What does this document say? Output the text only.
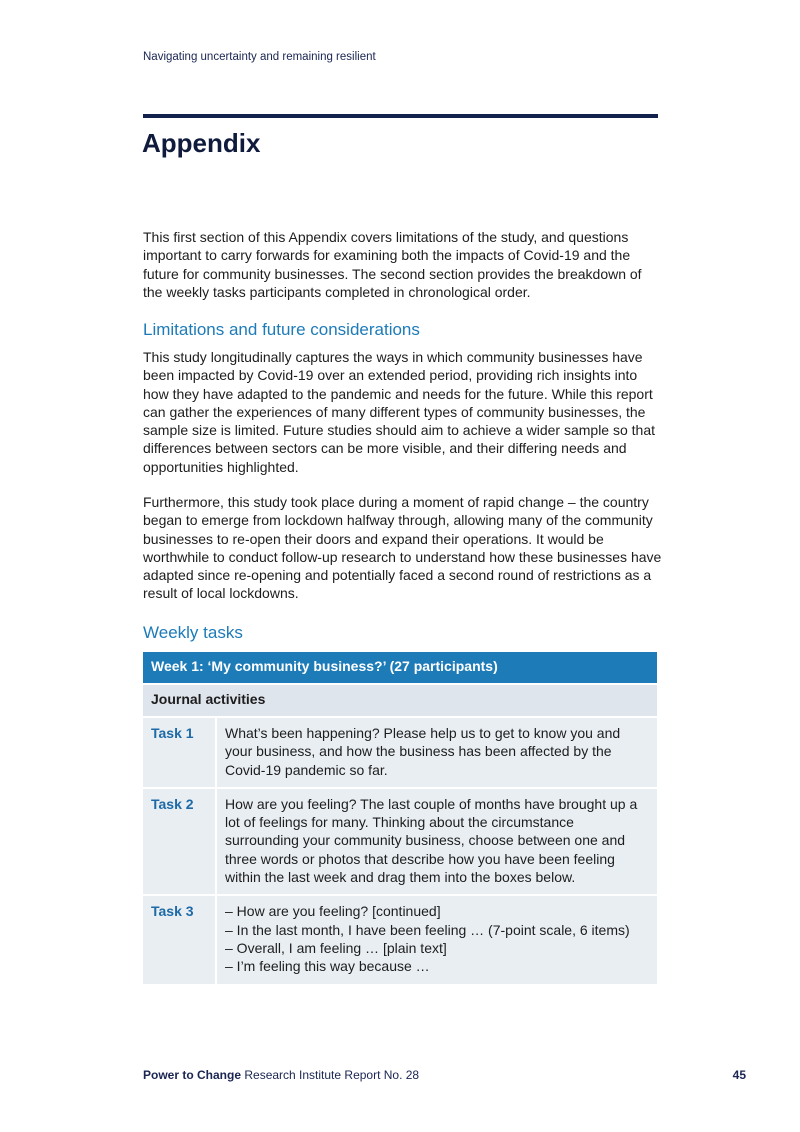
Navigating uncertainty and remaining resilient
Appendix

This first section of this Appendix covers limitations of the study, and questions important to carry forwards for examining both the impacts of Covid-19 and the future for community businesses. The second section provides the breakdown of the weekly tasks participants completed in chronological order.

Limitations and future considerations

This study longitudinally captures the ways in which community businesses have been impacted by Covid-19 over an extended period, providing rich insights into how they have adapted to the pandemic and needs for the future. While this report can gather the experiences of many different types of community businesses, the sample size is limited. Future studies should aim to achieve a wider sample so that differences between sectors can be more visible, and their differing needs and opportunities highlighted.

Furthermore, this study took place during a moment of rapid change – the country began to emerge from lockdown halfway through, allowing many of the community businesses to re-open their doors and expand their operations. It would be worthwhile to conduct follow-up research to understand how these businesses have adapted since re-opening and potentially faced a second round of restrictions as a result of local lockdowns.

Weekly tasks
Week 1: ‘My community business?’ (27 participants)	
Journal activities	
Task 1	What’s been happening? Please help us to get to know you and your business, and how the business has been affected by the Covid-19 pandemic so far.
Task 2	How are you feeling? The last couple of months have brought up a lot of feelings for many. Thinking about the circumstance surrounding your community business, choose between one and three words or photos that describe how you have been feeling within the last week and drag them into the boxes below.
Task 3	– How are you feeling? [continued]
– In the last month, I have been feeling … (7-point scale, 6 items)
– Overall, I am feeling … [plain text]
– I’m feeling this way because …
Power to Change Research Institute Report No. 28	45
